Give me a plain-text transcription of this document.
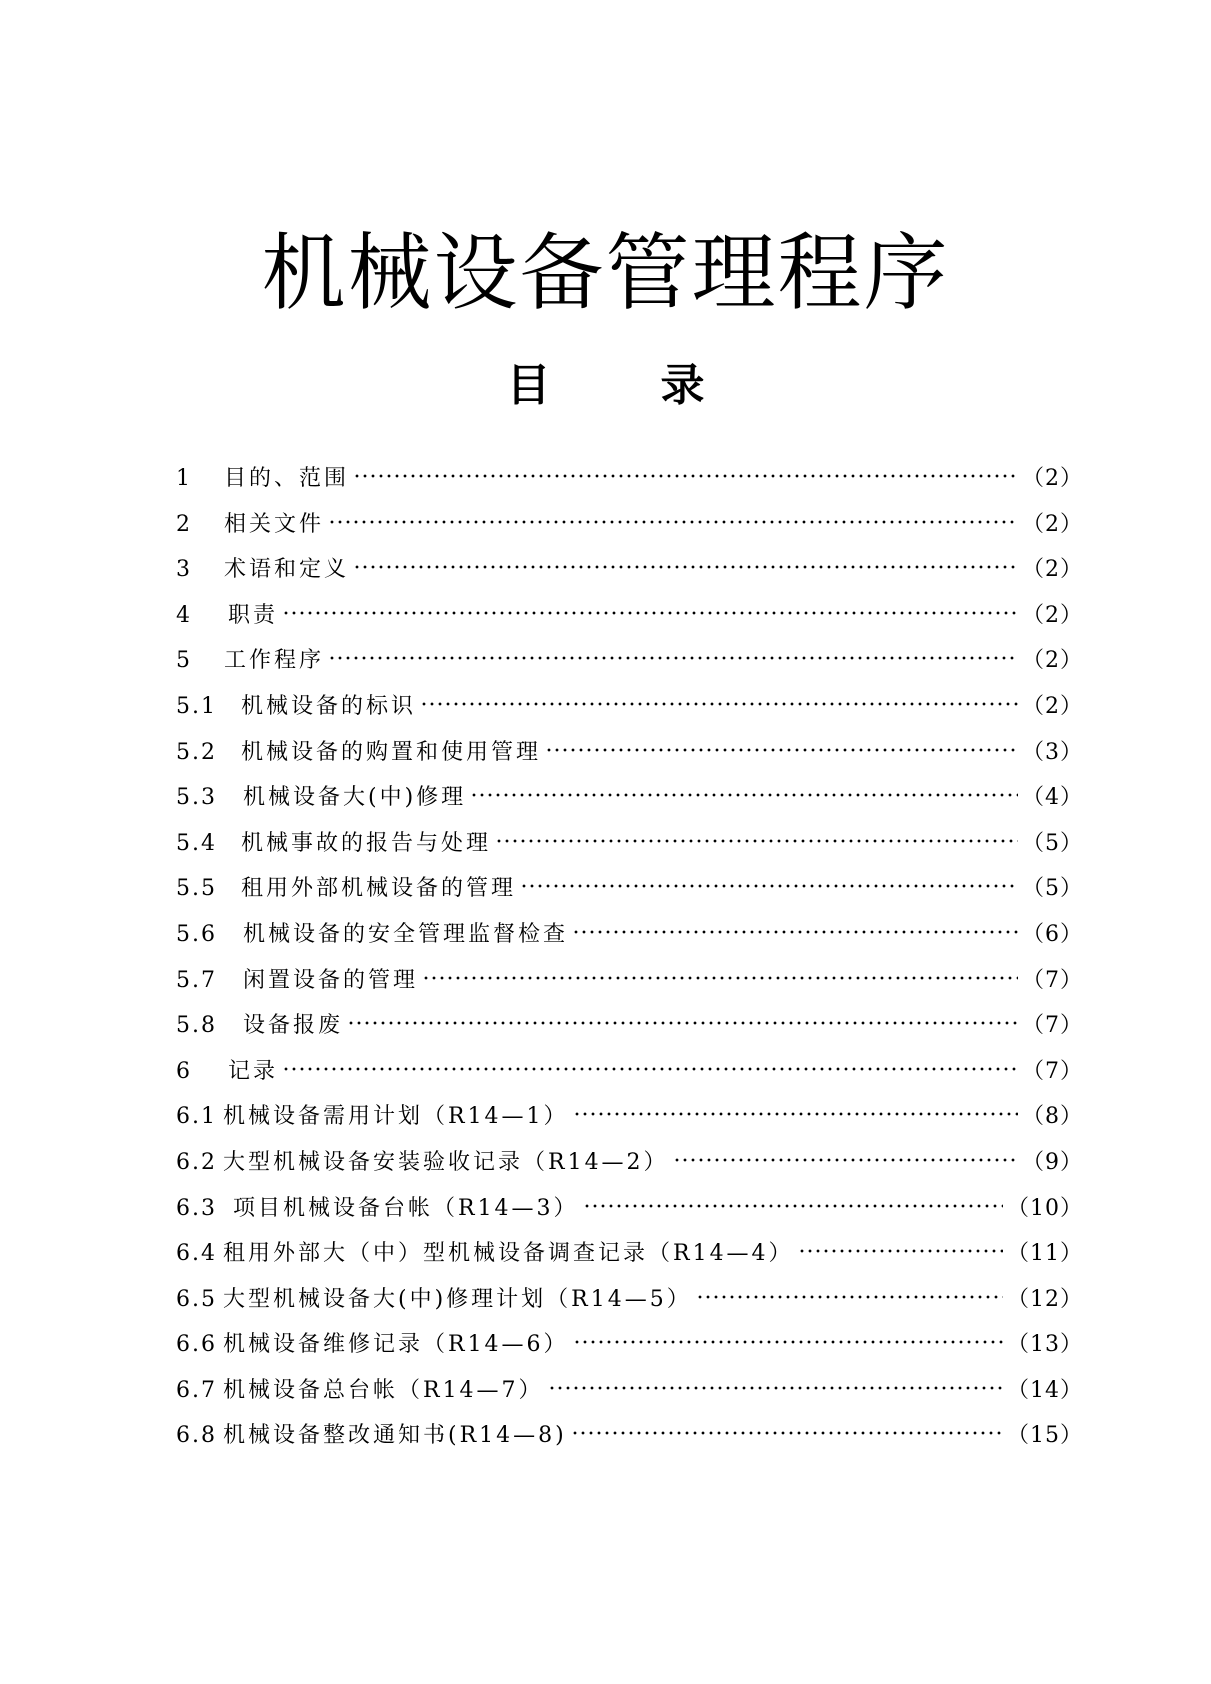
机械设备管理程序
目	录
1 目的、范围	（2）
2 相关文件	（2）
3 术语和定义	（2）
4 职责	（2）
5 工作程序	（2）
5.1 机械设备的标识	（2）
5.2 机械设备的购置和使用管理	（3）
5.3 机械设备大(中)修理	（4）
5.4 机械事故的报告与处理	（5）
5.5 租用外部机械设备的管理	（5）
5.6 机械设备的安全管理监督检查	（6）
5.7 闲置设备的管理	（7）
5.8 设备报废	（7）
6 记录	（7）
6.1 机械设备需用计划（R14—1）	（8）
6.2 大型机械设备安装验收记录（R14—2）	（9）
6.3 项目机械设备台帐（R14—3）	（10）
6.4 租用外部大（中）型机械设备调查记录（R14—4）	（11）
6.5 大型机械设备大(中)修理计划（R14—5）	（12）
6.6 机械设备维修记录（R14—6）	（13）
6.7 机械设备总台帐（R14—7）	（14）
6.8 机械设备整改通知书(R14—8)	（15）
